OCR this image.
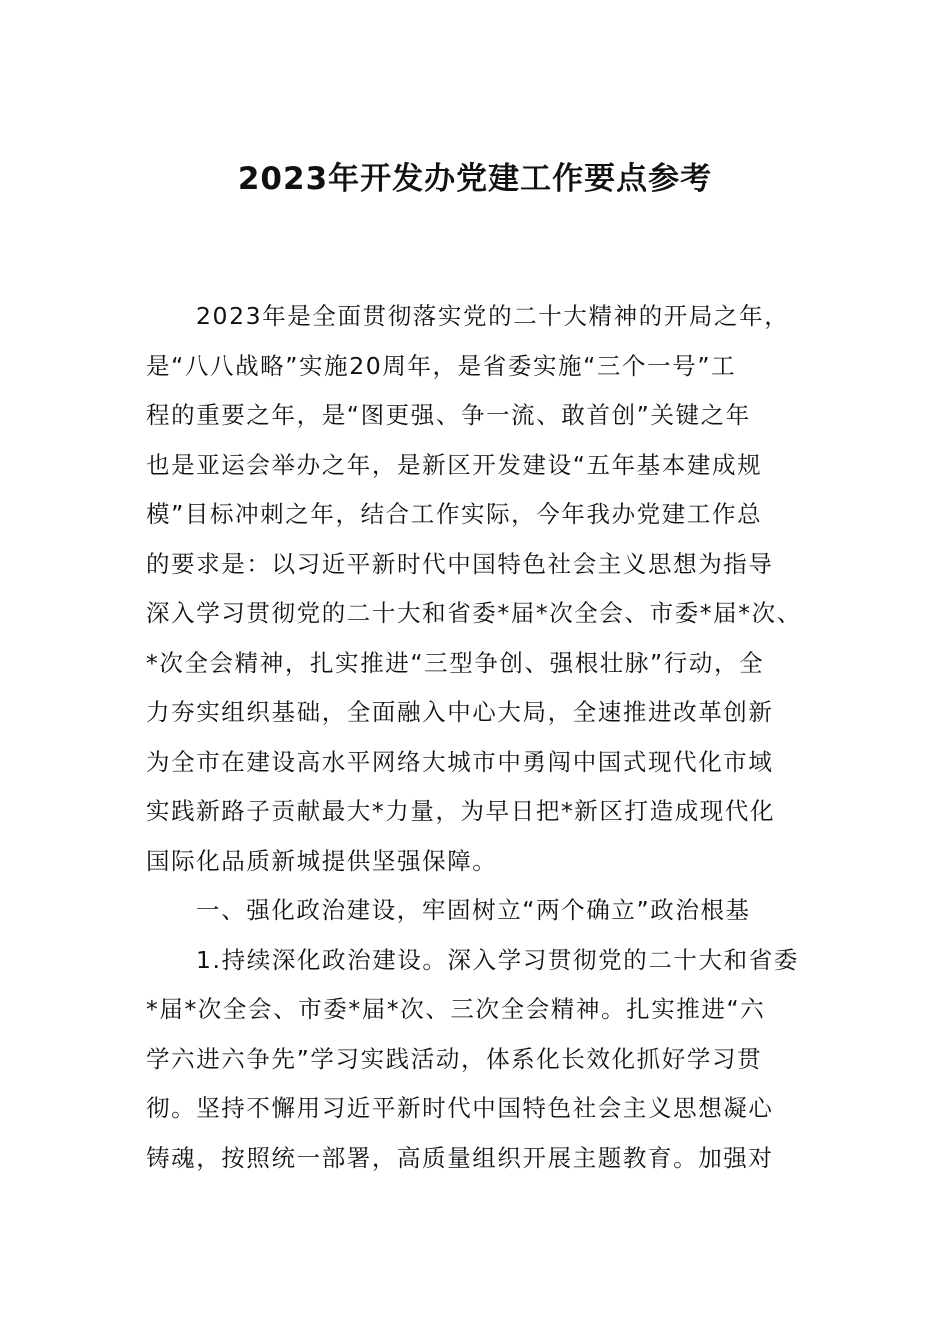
2023年开发办党建工作要点参考
2023年是全面贯彻落实党的二十大精神的开局之年，
是“八八战略”实施20周年，是省委实施“三个一号”工
程的重要之年，是“图更强、争一流、敢首创”关键之年
也是亚运会举办之年，是新区开发建设“五年基本建成规
模”目标冲刺之年，结合工作实际，今年我办党建工作总
的要求是：以习近平新时代中国特色社会主义思想为指导
深入学习贯彻党的二十大和省委*届*次全会、市委*届*次、
*次全会精神，扎实推进“三型争创、强根壮脉”行动，全
力夯实组织基础，全面融入中心大局，全速推进改革创新
为全市在建设高水平网络大城市中勇闯中国式现代化市域
实践新路子贡献最大*力量，为早日把*新区打造成现代化
国际化品质新城提供坚强保障。
一、强化政治建设，牢固树立“两个确立”政治根基
1.持续深化政治建设。深入学习贯彻党的二十大和省委
*届*次全会、市委*届*次、三次全会精神。扎实推进“六
学六进六争先”学习实践活动，体系化长效化抓好学习贯
彻。坚持不懈用习近平新时代中国特色社会主义思想凝心
铸魂，按照统一部署，高质量组织开展主题教育。加强对
